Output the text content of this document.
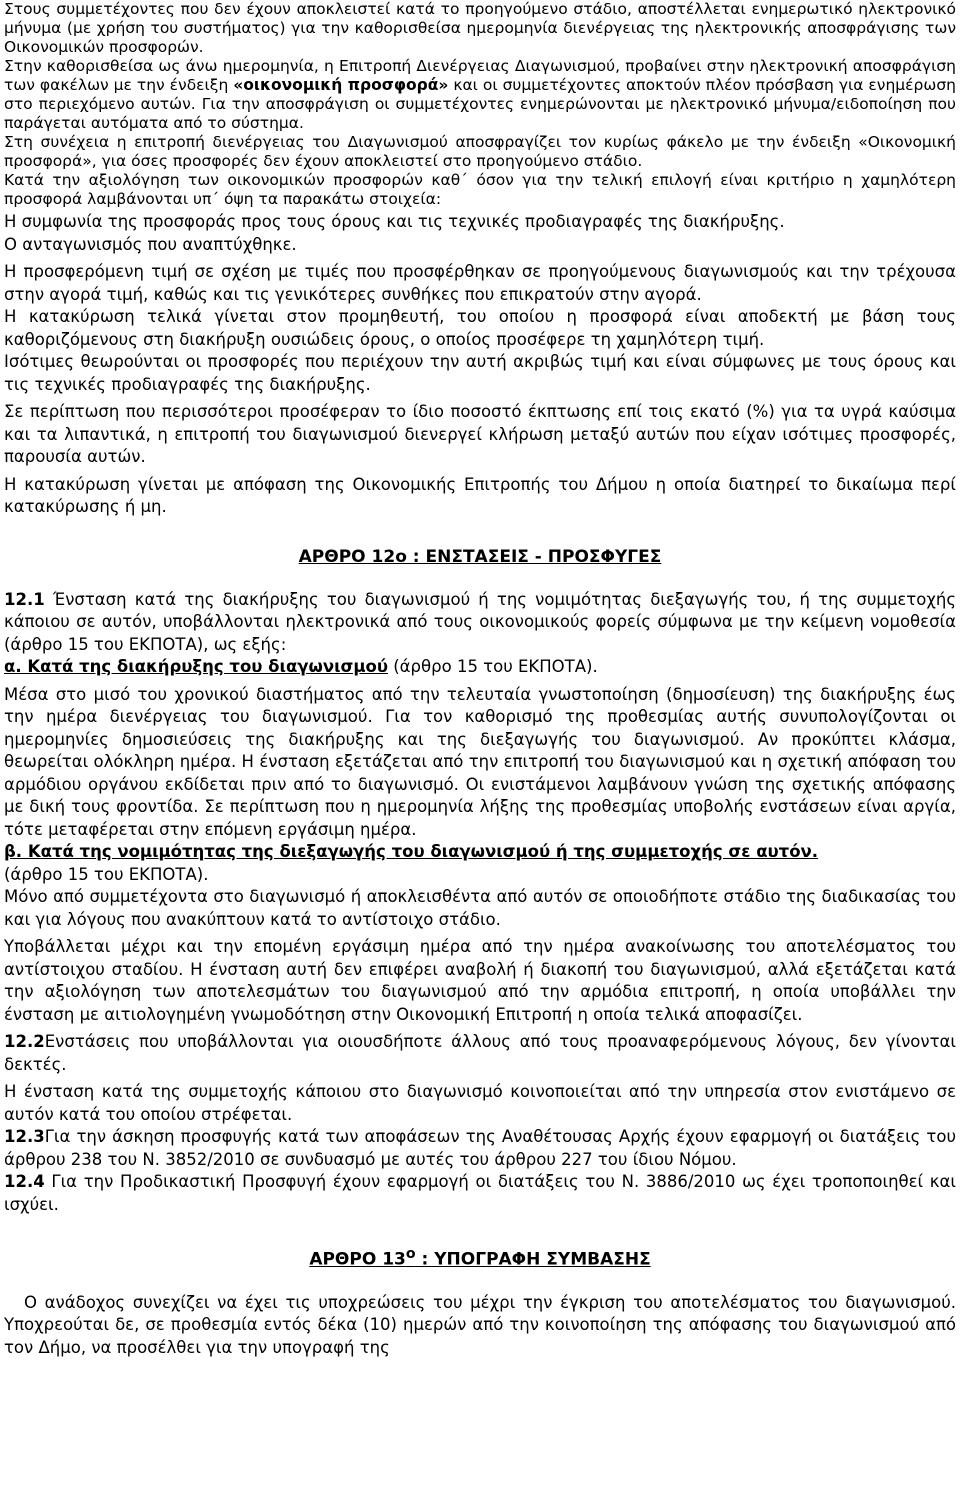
Στους συμμετέχοντες που δεν έχουν αποκλειστεί κατά το προηγούμενο στάδιο, αποστέλλεται ενημερωτικό ηλεκτρονικό μήνυμα (με χρήση του συστήματος) για την καθορισθείσα ημερομηνία διενέργειας της ηλεκτρονικής αποσφράγισης των Οικονομικών προσφορών.

Στην καθορισθείσα ως άνω ημερομηνία, η Επιτροπή Διενέργειας Διαγωνισμού, προβαίνει στην ηλεκτρονική αποσφράγιση των φακέλων με την ένδειξη «οικονομική προσφορά» και οι συμμετέχοντες αποκτούν πλέον πρόσβαση για ενημέρωση στο περιεχόμενο αυτών. Για την αποσφράγιση οι συμμετέχοντες ενημερώνονται με ηλεκτρονικό μήνυμα/ειδοποίηση που παράγεται αυτόματα από το σύστημα.

Στη συνέχεια η επιτροπή διενέργειας του Διαγωνισμού αποσφραγίζει τον κυρίως φάκελο με την ένδειξη «Οικονομική προσφορά», για όσες προσφορές δεν έχουν αποκλειστεί στο προηγούμενο στάδιο.

Κατά την αξιολόγηση των οικονομικών προσφορών καθ΄ όσον για την τελική επιλογή είναι κριτήριο η χαμηλότερη προσφορά λαμβάνονται υπ΄ όψη τα παρακάτω στοιχεία:

Η συμφωνία της προσφοράς προς τους όρους και τις τεχνικές προδιαγραφές της διακήρυξης.

Ο ανταγωνισμός που αναπτύχθηκε.

Η προσφερόμενη τιμή σε σχέση με τιμές που προσφέρθηκαν σε προηγούμενους διαγωνισμούς και την τρέχουσα στην αγορά τιμή, καθώς και τις γενικότερες συνθήκες που επικρατούν στην αγορά.

Η κατακύρωση τελικά γίνεται στον προμηθευτή, του οποίου η προσφορά είναι αποδεκτή με βάση τους καθοριζόμενους στη διακήρυξη ουσιώδεις όρους, ο οποίος προσέφερε τη χαμηλότερη τιμή.

Ισότιμες θεωρούνται οι προσφορές που περιέχουν την αυτή ακριβώς τιμή και είναι σύμφωνες με τους όρους και τις τεχνικές προδιαγραφές της διακήρυξης.

Σε περίπτωση που περισσότεροι προσέφεραν το ίδιο ποσοστό έκπτωσης επί τοις εκατό (%) για τα υγρά καύσιμα και τα λιπαντικά, η επιτροπή του διαγωνισμού διενεργεί κλήρωση μεταξύ αυτών που είχαν ισότιμες προσφορές, παρουσία αυτών.

Η κατακύρωση γίνεται με απόφαση της Οικονομικής Επιτροπής του Δήμου η οποία διατηρεί το δικαίωμα περί κατακύρωσης ή μη.

ΑΡΘΡΟ 12ο : ΕΝΣΤΑΣΕΙΣ - ΠΡΟΣΦΥΓΕΣ

12.1 Ένσταση κατά της διακήρυξης του διαγωνισμού ή της νομιμότητας διεξαγωγής του, ή της συμμετοχής κάποιου σε αυτόν, υποβάλλονται ηλεκτρονικά από τους οικονομικούς φορείς σύμφωνα με την κείμενη νομοθεσία (άρθρο 15 του ΕΚΠΟΤΑ), ως εξής:

α. Κατά της διακήρυξης του διαγωνισμού (άρθρο 15 του ΕΚΠΟΤΑ).

Μέσα στο μισό του χρονικού διαστήματος από την τελευταία γνωστοποίηση (δημοσίευση) της διακήρυξης έως την ημέρα διενέργειας του διαγωνισμού. Για τον καθορισμό της προθεσμίας αυτής συνυπολογίζονται οι ημερομηνίες δημοσιεύσεις της διακήρυξης και της διεξαγωγής του διαγωνισμού. Αν προκύπτει κλάσμα, θεωρείται ολόκληρη ημέρα. Η ένσταση εξετάζεται από την επιτροπή του διαγωνισμού και η σχετική απόφαση του αρμόδιου οργάνου εκδίδεται πριν από το διαγωνισμό. Οι ενιστάμενοι λαμβάνουν γνώση της σχετικής απόφασης με δική τους φροντίδα. Σε περίπτωση που η ημερομηνία λήξης της προθεσμίας υποβολής ενστάσεων είναι αργία, τότε μεταφέρεται στην επόμενη εργάσιμη ημέρα.

β. Κατά της νομιμότητας της διεξαγωγής του διαγωνισμού ή της συμμετοχής σε αυτόν.

(άρθρο 15 του ΕΚΠΟΤΑ).

Μόνο από συμμετέχοντα στο διαγωνισμό ή αποκλεισθέντα από αυτόν σε οποιοδήποτε στάδιο της διαδικασίας του και για λόγους που ανακύπτουν κατά το αντίστοιχο στάδιο.

Υποβάλλεται μέχρι και την επομένη εργάσιμη ημέρα από την ημέρα ανακοίνωσης του αποτελέσματος του αντίστοιχου σταδίου. Η ένσταση αυτή δεν επιφέρει αναβολή ή διακοπή του διαγωνισμού, αλλά εξετάζεται κατά την αξιολόγηση των αποτελεσμάτων του διαγωνισμού από την αρμόδια επιτροπή, η οποία υποβάλλει την ένσταση με αιτιολογημένη γνωμοδότηση στην Οικονομική Επιτροπή η οποία τελικά αποφασίζει.

12.2Ενστάσεις που υποβάλλονται για οιουσδήποτε άλλους από τους προαναφερόμενους λόγους, δεν γίνονται δεκτές.

Η ένσταση κατά της συμμετοχής κάποιου στο διαγωνισμό κοινοποιείται από την υπηρεσία στον ενιστάμενο σε αυτόν κατά του οποίου στρέφεται.

12.3Για την άσκηση προσφυγής κατά των αποφάσεων της Αναθέτουσας Αρχής έχουν εφαρμογή οι διατάξεις του άρθρου 238 του Ν. 3852/2010 σε συνδυασμό με αυτές του άρθρου 227 του ίδιου Νόμου.

12.4 Για την Προδικαστική Προσφυγή έχουν εφαρμογή οι διατάξεις του Ν. 3886/2010 ως έχει τροποποιηθεί και ισχύει.

ΑΡΘΡΟ $13^o$ : ΥΠΟΓΡΑΦΗ ΣΥΜΒΑΣΗΣ

Ο ανάδοχος συνεχίζει να έχει τις υποχρεώσεις του μέχρι την έγκριση του αποτελέσματος του διαγωνισμού. Υποχρεούται δε, σε προθεσμία εντός δέκα (10) ημερών από την κοινοποίηση της απόφασης του διαγωνισμού από τον Δήμο, να προσέλθει για την υπογραφή της
